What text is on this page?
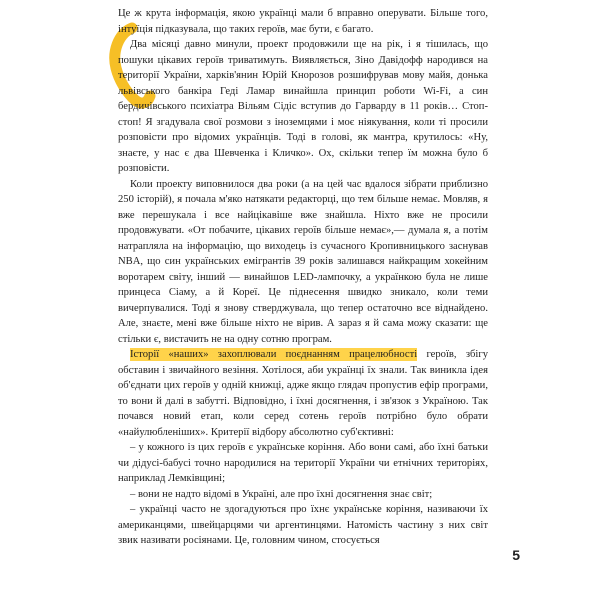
Це ж крута інформація, якою українці мали б вправно оперувати. Більше того, інтуїція підказувала, що таких героїв, має бути, є багато.

Два місяці давно минули, проект продовжили ще на рік, і я тішилась, що пошуки цікавих героїв триватимуть. Виявляється, Зіно Давідофф народився на території України, харків'янин Юрій Кнорозов розшифрував мову майя, донька львівського банкіра Геді Ламар винайшла принцип роботи Wi-Fi, а син бердичівського психіатра Вільям Сідіс вступив до Гарварду в 11 років… Стоп-стоп! Я згадувала свої розмови з іноземцями і моє ніякування, коли ті просили розповісти про відомих українців. Тоді в голові, як мантра, крутилось: «Ну, знаєте, у нас є два Шевченка і Кличко». Ох, скільки тепер їм можна було б розповісти.

Коли проекту виповнилося два роки (а на цей час вдалося зібрати приблизно 250 історій), я почала м'яко натякати редакторці, що тем більше немає. Мовляв, я вже перешукала і все найцікавіше вже знайшла. Ніхто вже не просили продовжувати. «От побачите, цікавих героїв більше немає»,— думала я, а потім натрапляла на інформацію, що виходець із сучасного Кропивницького заснував NBA, що син українських емігрантів 39 років залишався найкращим хокейним воротарем світу, інший — винайшов LED-лампочку, а українкою була не лише принцеса Сіаму, а й Кореї. Це піднесення швидко зникало, коли теми вичерпувалися. Тоді я знову стверджувала, що тепер остаточно все віднайдено. Але, знаєте, мені вже більше ніхто не вірив. А зараз я й сама можу сказати: ще стільки є, вистачить не на одну сотню програм.

Історії «наших» захоплювали поєднанням працелюбності героїв, збігу обставин і звичайного везіння. Хотілося, аби українці їх знали. Так виникла ідея об'єднати цих героїв у одній книжці, адже якщо глядач пропустив ефір програми, то вони й далі в забутті. Відповідно, і їхні досягнення, і зв'язок з Україною. Так почався новий етап, коли серед сотень героїв потрібно було обрати «найулюбленіших». Критерії відбору абсолютно суб'єктивні:

– у кожного із цих героїв є українське коріння. Або вони самі, або їхні батьки чи дідусі-бабусі точно народилися на території України чи етнічних територіях, наприклад Лемківщині;

– вони не надто відомі в Україні, але про їхні досягнення знає світ;

– українці часто не здогадуються про їхнє українське коріння, називаючи їх американцями, швейцарцями чи аргентинцями. Натомість частину з них світ звик називати росіянами. Це, головним чином, стосується

5
